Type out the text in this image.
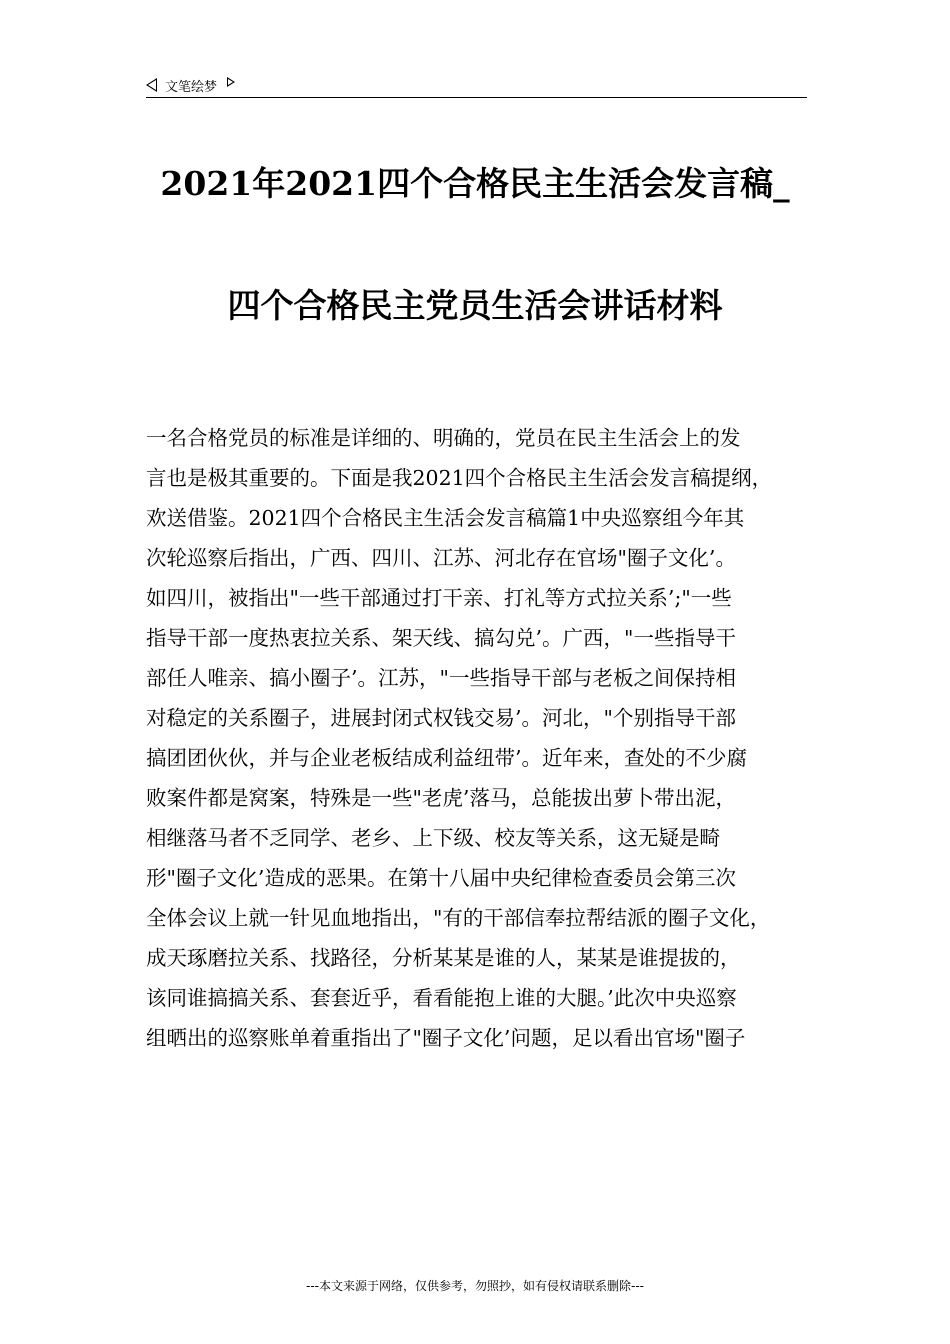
文笔绘梦
2021年2021四个合格民主生活会发言稿_
四个合格民主党员生活会讲话材料
一名合格党员的标准是详细的、明确的，党员在民主生活会上的发
言也是极其重要的。下面是我2021四个合格民主生活会发言稿提纲，
欢送借鉴。2021四个合格民主生活会发言稿篇1中央巡察组今年其
次轮巡察后指出，广西、四川、江苏、河北存在官场"圈子文化’。
如四川，被指出"一些干部通过打干亲、打礼等方式拉关系’;"一些
指导干部一度热衷拉关系、架天线、搞勾兑’。广西，"一些指导干
部任人唯亲、搞小圈子’。江苏，"一些指导干部与老板之间保持相
对稳定的关系圈子，进展封闭式权钱交易’。河北，"个别指导干部
搞团团伙伙，并与企业老板结成利益纽带’。近年来，查处的不少腐
败案件都是窝案，特殊是一些"老虎’落马，总能拔出萝卜带出泥，
相继落马者不乏同学、老乡、上下级、校友等关系，这无疑是畸
形"圈子文化’造成的恶果。在第十八届中央纪律检查委员会第三次
全体会议上就一针见血地指出，"有的干部信奉拉帮结派的圈子文化，
成天琢磨拉关系、找路径，分析某某是谁的人，某某是谁提拔的，
该同谁搞搞关系、套套近乎，看看能抱上谁的大腿。’此次中央巡察
组晒出的巡察账单着重指出了"圈子文化’问题，足以看出官场"圈子
---本文来源于网络，仅供参考，勿照抄，如有侵权请联系删除---
